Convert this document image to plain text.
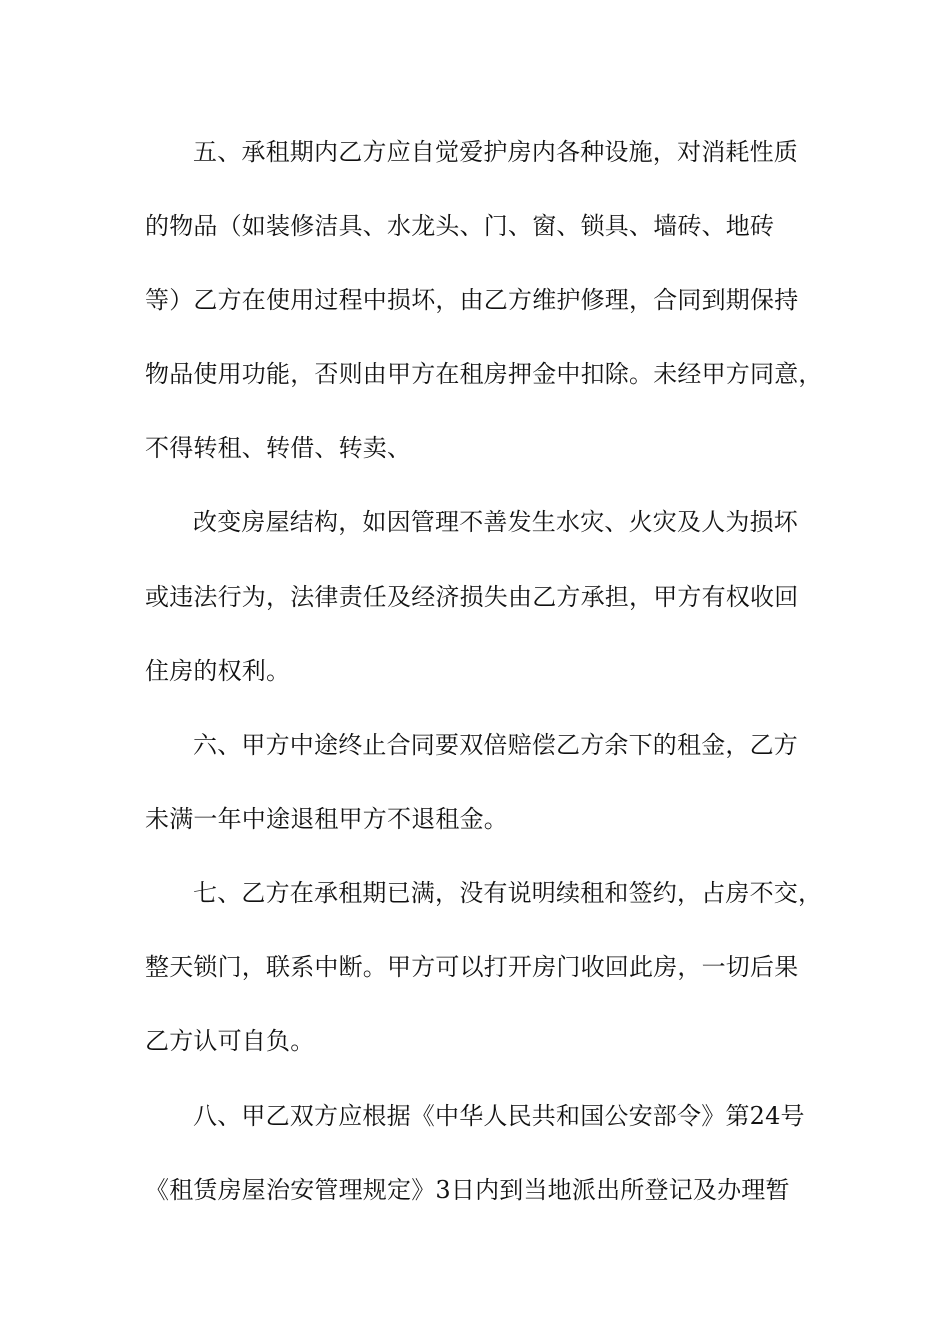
五、承租期内乙方应自觉爱护房内各种设施，对消耗性质

的物品（如装修洁具、水龙头、门、窗、锁具、墙砖、地砖

等）乙方在使用过程中损坏，由乙方维护修理，合同到期保持

物品使用功能，否则由甲方在租房押金中扣除。未经甲方同意，

不得转租、转借、转卖、

改变房屋结构，如因管理不善发生水灾、火灾及人为损坏

或违法行为，法律责任及经济损失由乙方承担，甲方有权收回

住房的权利。

六、甲方中途终止合同要双倍赔偿乙方余下的租金，乙方

未满一年中途退租甲方不退租金。

七、乙方在承租期已满，没有说明续租和签约，占房不交，

整天锁门，联系中断。甲方可以打开房门收回此房，一切后果

乙方认可自负。

八、甲乙双方应根据《中华人民共和国公安部令》第24号

《租赁房屋治安管理规定》3日内到当地派出所登记及办理暂
